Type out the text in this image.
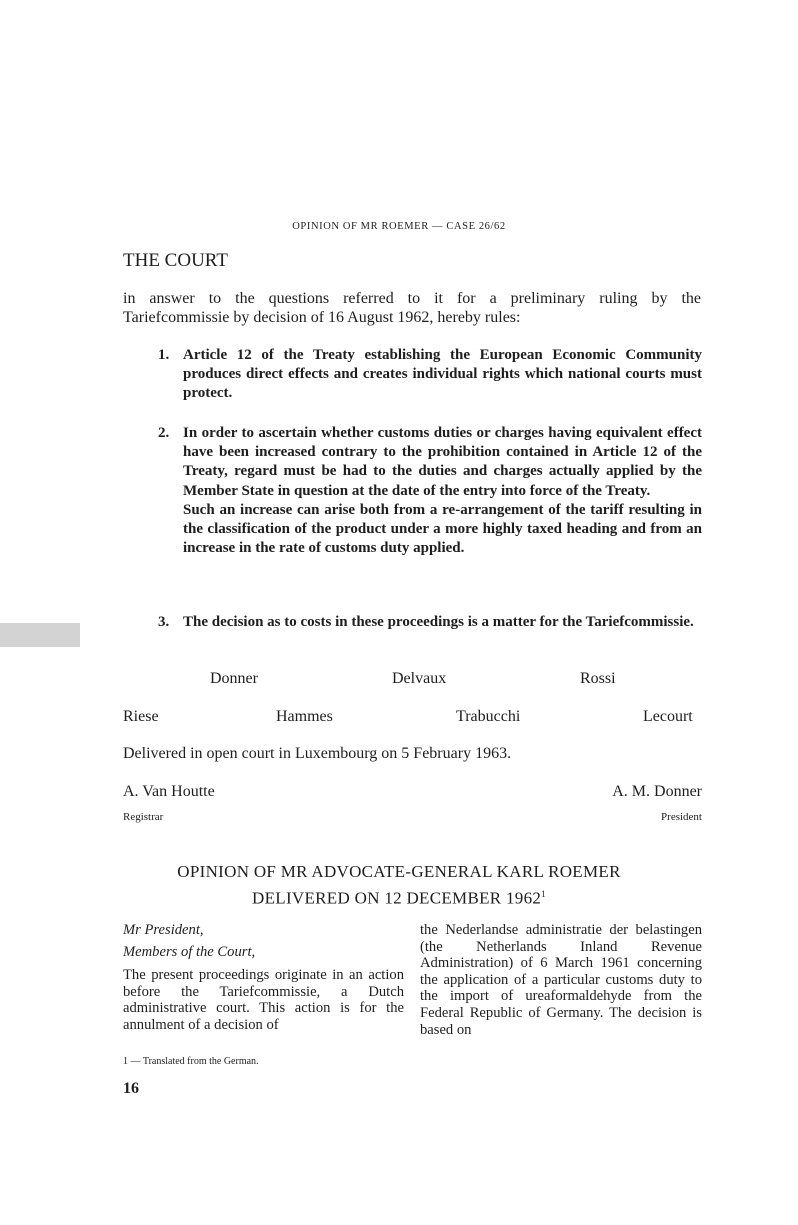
OPINION OF MR ROEMER — CASE 26/62
THE COURT
in answer to the questions referred to it for a preliminary ruling by the
Tariefcommissie by decision of 16 August 1962, hereby rules:
1. Article 12 of the Treaty establishing the European Economic Community produces direct effects and creates individual rights which national courts must protect.

2. In order to ascertain whether customs duties or charges having equivalent effect have been increased contrary to the prohibition contained in Article 12 of the Treaty, regard must be had to the duties and charges actually applied by the Member State in question at the date of the entry into force of the Treaty.

Such an increase can arise both from a re-arrangement of the tariff resulting in the classification of the product under a more highly taxed heading and from an increase in the rate of customs duty applied.

3. The decision as to costs in these proceedings is a matter for the Tariefcommissie.

Donner	Delvaux	Rossi
Riese	Hammes	Trabucchi	Lecourt
Delivered in open court in Luxembourg on 5 February 1963.
A. Van Houtte
Registrar
A. M. Donner
President
OPINION OF MR ADVOCATE-GENERAL KARL ROEMER
DELIVERED ON 12 DECEMBER 1962$^1$

Mr President,

Members of the Court,

The present proceedings originate in an action before the Tariefcommissie, a Dutch administrative court. This action is for the annulment of a decision of

the Nederlandse administratie der belastingen (the Netherlands Inland Revenue Administration) of 6 March 1961 concerning the application of a particular customs duty to the import of ureaformaldehyde from the Federal Republic of Germany. The decision is based on

1 — Translated from the German.
16
